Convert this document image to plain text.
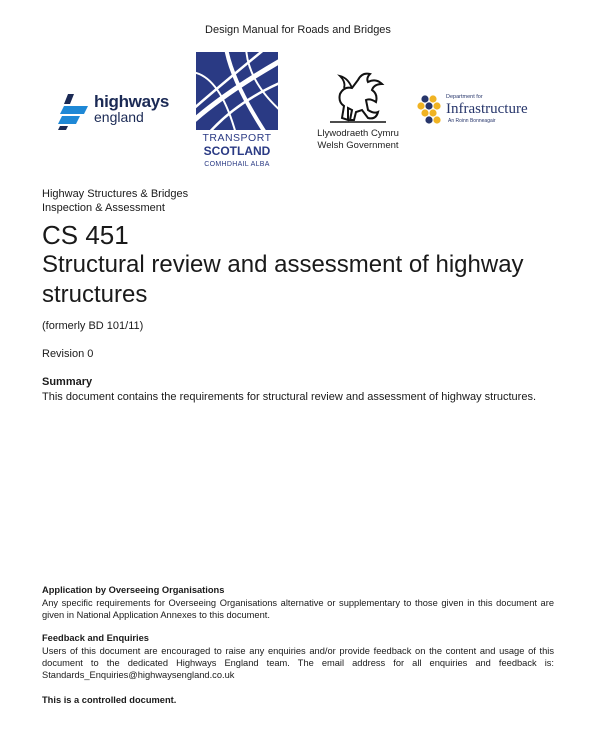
Design Manual for Roads and Bridges
highways
england
TRANSPORT
SCOTLAND
COMHDHAIL ALBA
Llywodraeth Cymru
Welsh Government
Department for
Infrastructure
An Roinn Bonneagair
Highway Structures & Bridges
Inspection & Assessment
CS 451
Structural review and assessment of highway structures
(formerly BD 101/11)
Revision 0
Summary
This document contains the requirements for structural review and assessment of highway structures.
Application by Overseeing Organisations
Any specific requirements for Overseeing Organisations alternative or supplementary to those given in this document are given in National Application Annexes to this document.
Feedback and Enquiries
Users of this document are encouraged to raise any enquiries and/or provide feedback on the content and usage of this document to the dedicated Highways England team. The email address for all enquiries and feedback is: Standards_Enquiries@highwaysengland.co.uk
This is a controlled document.
